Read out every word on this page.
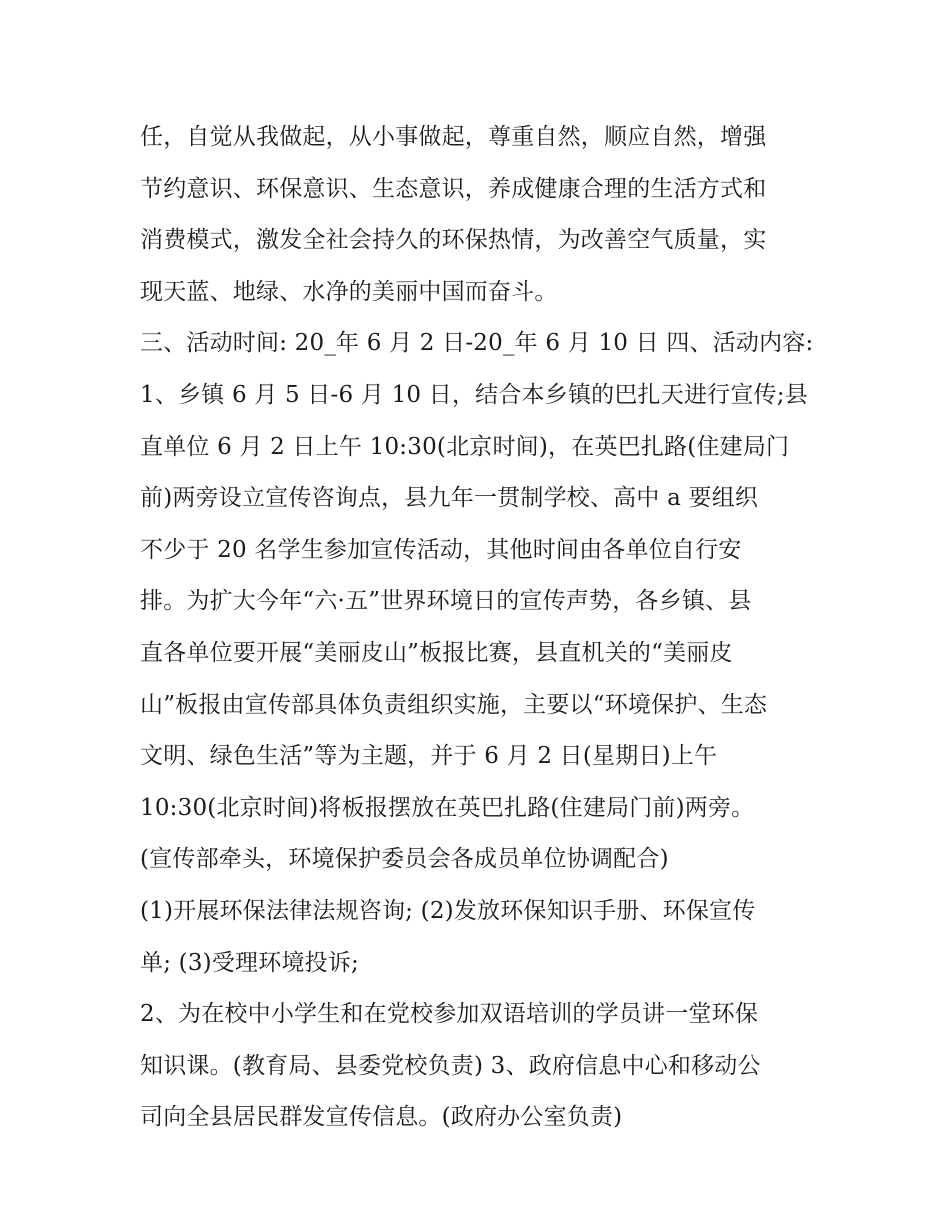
任，自觉从我做起，从小事做起，尊重自然，顺应自然，增强
节约意识、环保意识、生态意识，养成健康合理的生活方式和
消费模式，激发全社会持久的环保热情，为改善空气质量，实
现天蓝、地绿、水净的美丽中国而奋斗。
三、活动时间: 20_年 6 月 2 日-20_年 6 月 10 日 四、活动内容:
1、乡镇 6 月 5 日-6 月 10 日，结合本乡镇的巴扎天进行宣传;县
直单位 6 月 2 日上午 10:30(北京时间)，在英巴扎路(住建局门
前)两旁设立宣传咨询点，县九年一贯制学校、高中 a 要组织
不少于 20 名学生参加宣传活动，其他时间由各单位自行安
排。为扩大今年“六·五”世界环境日的宣传声势，各乡镇、县
直各单位要开展“美丽皮山”板报比赛，县直机关的“美丽皮
山”板报由宣传部具体负责组织实施，主要以“环境保护、生态
文明、绿色生活”等为主题，并于 6 月 2 日(星期日)上午
10:30(北京时间)将板报摆放在英巴扎路(住建局门前)两旁。
(宣传部牵头，环境保护委员会各成员单位协调配合)
(1)开展环保法律法规咨询; (2)发放环保知识手册、环保宣传
单; (3)受理环境投诉;
2、为在校中小学生和在党校参加双语培训的学员讲一堂环保
知识课。(教育局、县委党校负责) 3、政府信息中心和移动公
司向全县居民群发宣传信息。(政府办公室负责)
